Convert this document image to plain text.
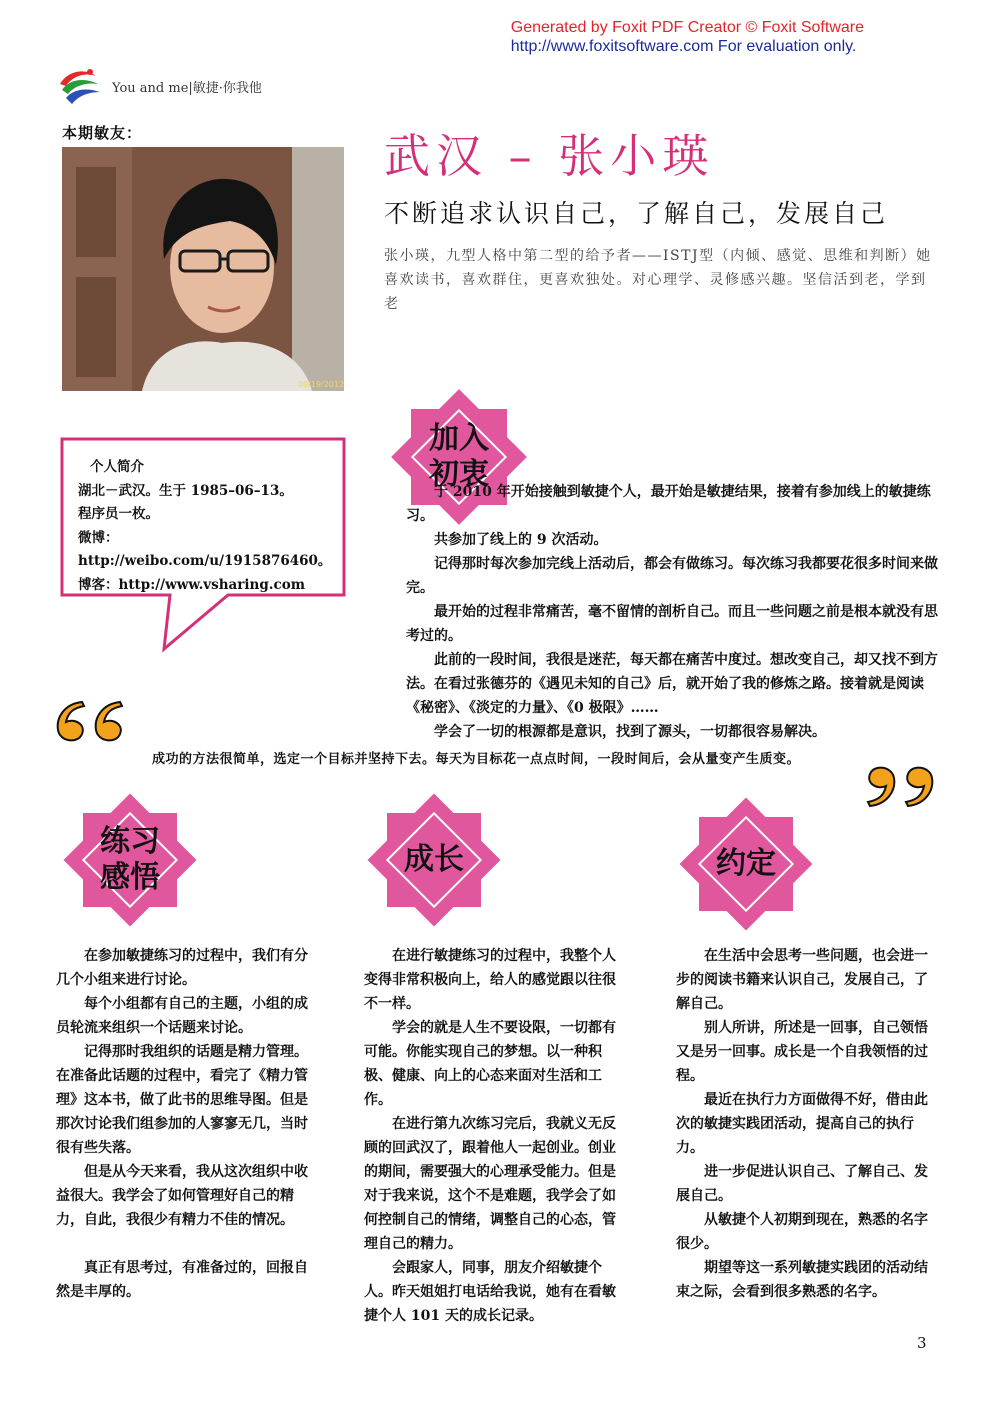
Generated by Foxit PDF Creator © Foxit Software
http://www.foxitsoftware.com For evaluation only.
You and me|敏捷·你我他
本期敏友：
09/19/2012
武汉 – 张小瑛
不断追求认识自己，了解自己，发展自己
张小瑛，九型人格中第二型的给予者——ISTJ型（内倾、感觉、思维和判断）她 喜欢读书，喜欢群住，更喜欢独处。对心理学、灵修感兴趣。坚信活到老，学到老
个人简介
湖北－武汉。生于 1985–06–13。
程序员一枚。
微博：http://weibo.com/u/1915876460。
博客：http://www.vsharing.com
加入
初衷

于 2010 年开始接触到敏捷个人，最开始是敏捷结果，接着有参加线上的敏捷练习。

共参加了线上的 9 次活动。

记得那时每次参加完线上活动后，都会有做练习。每次练习我都要花很多时间来做完。

最开始的过程非常痛苦，毫不留情的剖析自己。而且一些问题之前是根本就没有思考过的。

此前的一段时间，我很是迷茫，每天都在痛苦中度过。想改变自己，却又找不到方法。在看过张德芬的《遇见未知的自己》后，就开始了我的修炼之路。接着就是阅读《秘密》、《淡定的力量》、《0 极限》……

学会了一切的根源都是意识，找到了源头，一切都很容易解决。

成功的方法很简单，选定一个目标并坚持下去。每天为目标花一点点时间，一段时间后，会从量变产生质变。
练习
感悟
成长	约定

在参加敏捷练习的过程中，我们有分几个小组来进行讨论。

每个小组都有自己的主题，小组的成员轮流来组织一个话题来讨论。

记得那时我组织的话题是精力管理。在准备此话题的过程中，看完了《精力管理》这本书，做了此书的思维导图。但是那次讨论我们组参加的人寥寥无几，当时很有些失落。

但是从今天来看，我从这次组织中收益很大。我学会了如何管理好自己的精力，自此，我很少有精力不佳的情况。

真正有思考过，有准备过的，回报自然是丰厚的。

在进行敏捷练习的过程中，我整个人变得非常积极向上，给人的感觉跟以往很不一样。

学会的就是人生不要设限，一切都有可能。你能实现自己的梦想。以一种积极、健康、向上的心态来面对生活和工作。

在进行第九次练习完后，我就义无反顾的回武汉了，跟着他人一起创业。创业的期间，需要强大的心理承受能力。但是对于我来说，这个不是难题，我学会了如何控制自己的情绪，调整自己的心态，管理自己的精力。

会跟家人，同事，朋友介绍敏捷个人。昨天姐姐打电话给我说，她有在看敏捷个人 101 天的成长记录。

在生活中会思考一些问题，也会进一步的阅读书籍来认识自己，发展自己，了解自己。

别人所讲，所述是一回事，自己领悟又是另一回事。成长是一个自我领悟的过程。

最近在执行力方面做得不好，借由此次的敏捷实践团活动，提高自己的执行力。

进一步促进认识自己、了解自己、发展自己。

从敏捷个人初期到现在，熟悉的名字很少。

期望等这一系列敏捷实践团的活动结束之际，会看到很多熟悉的名字。

3
